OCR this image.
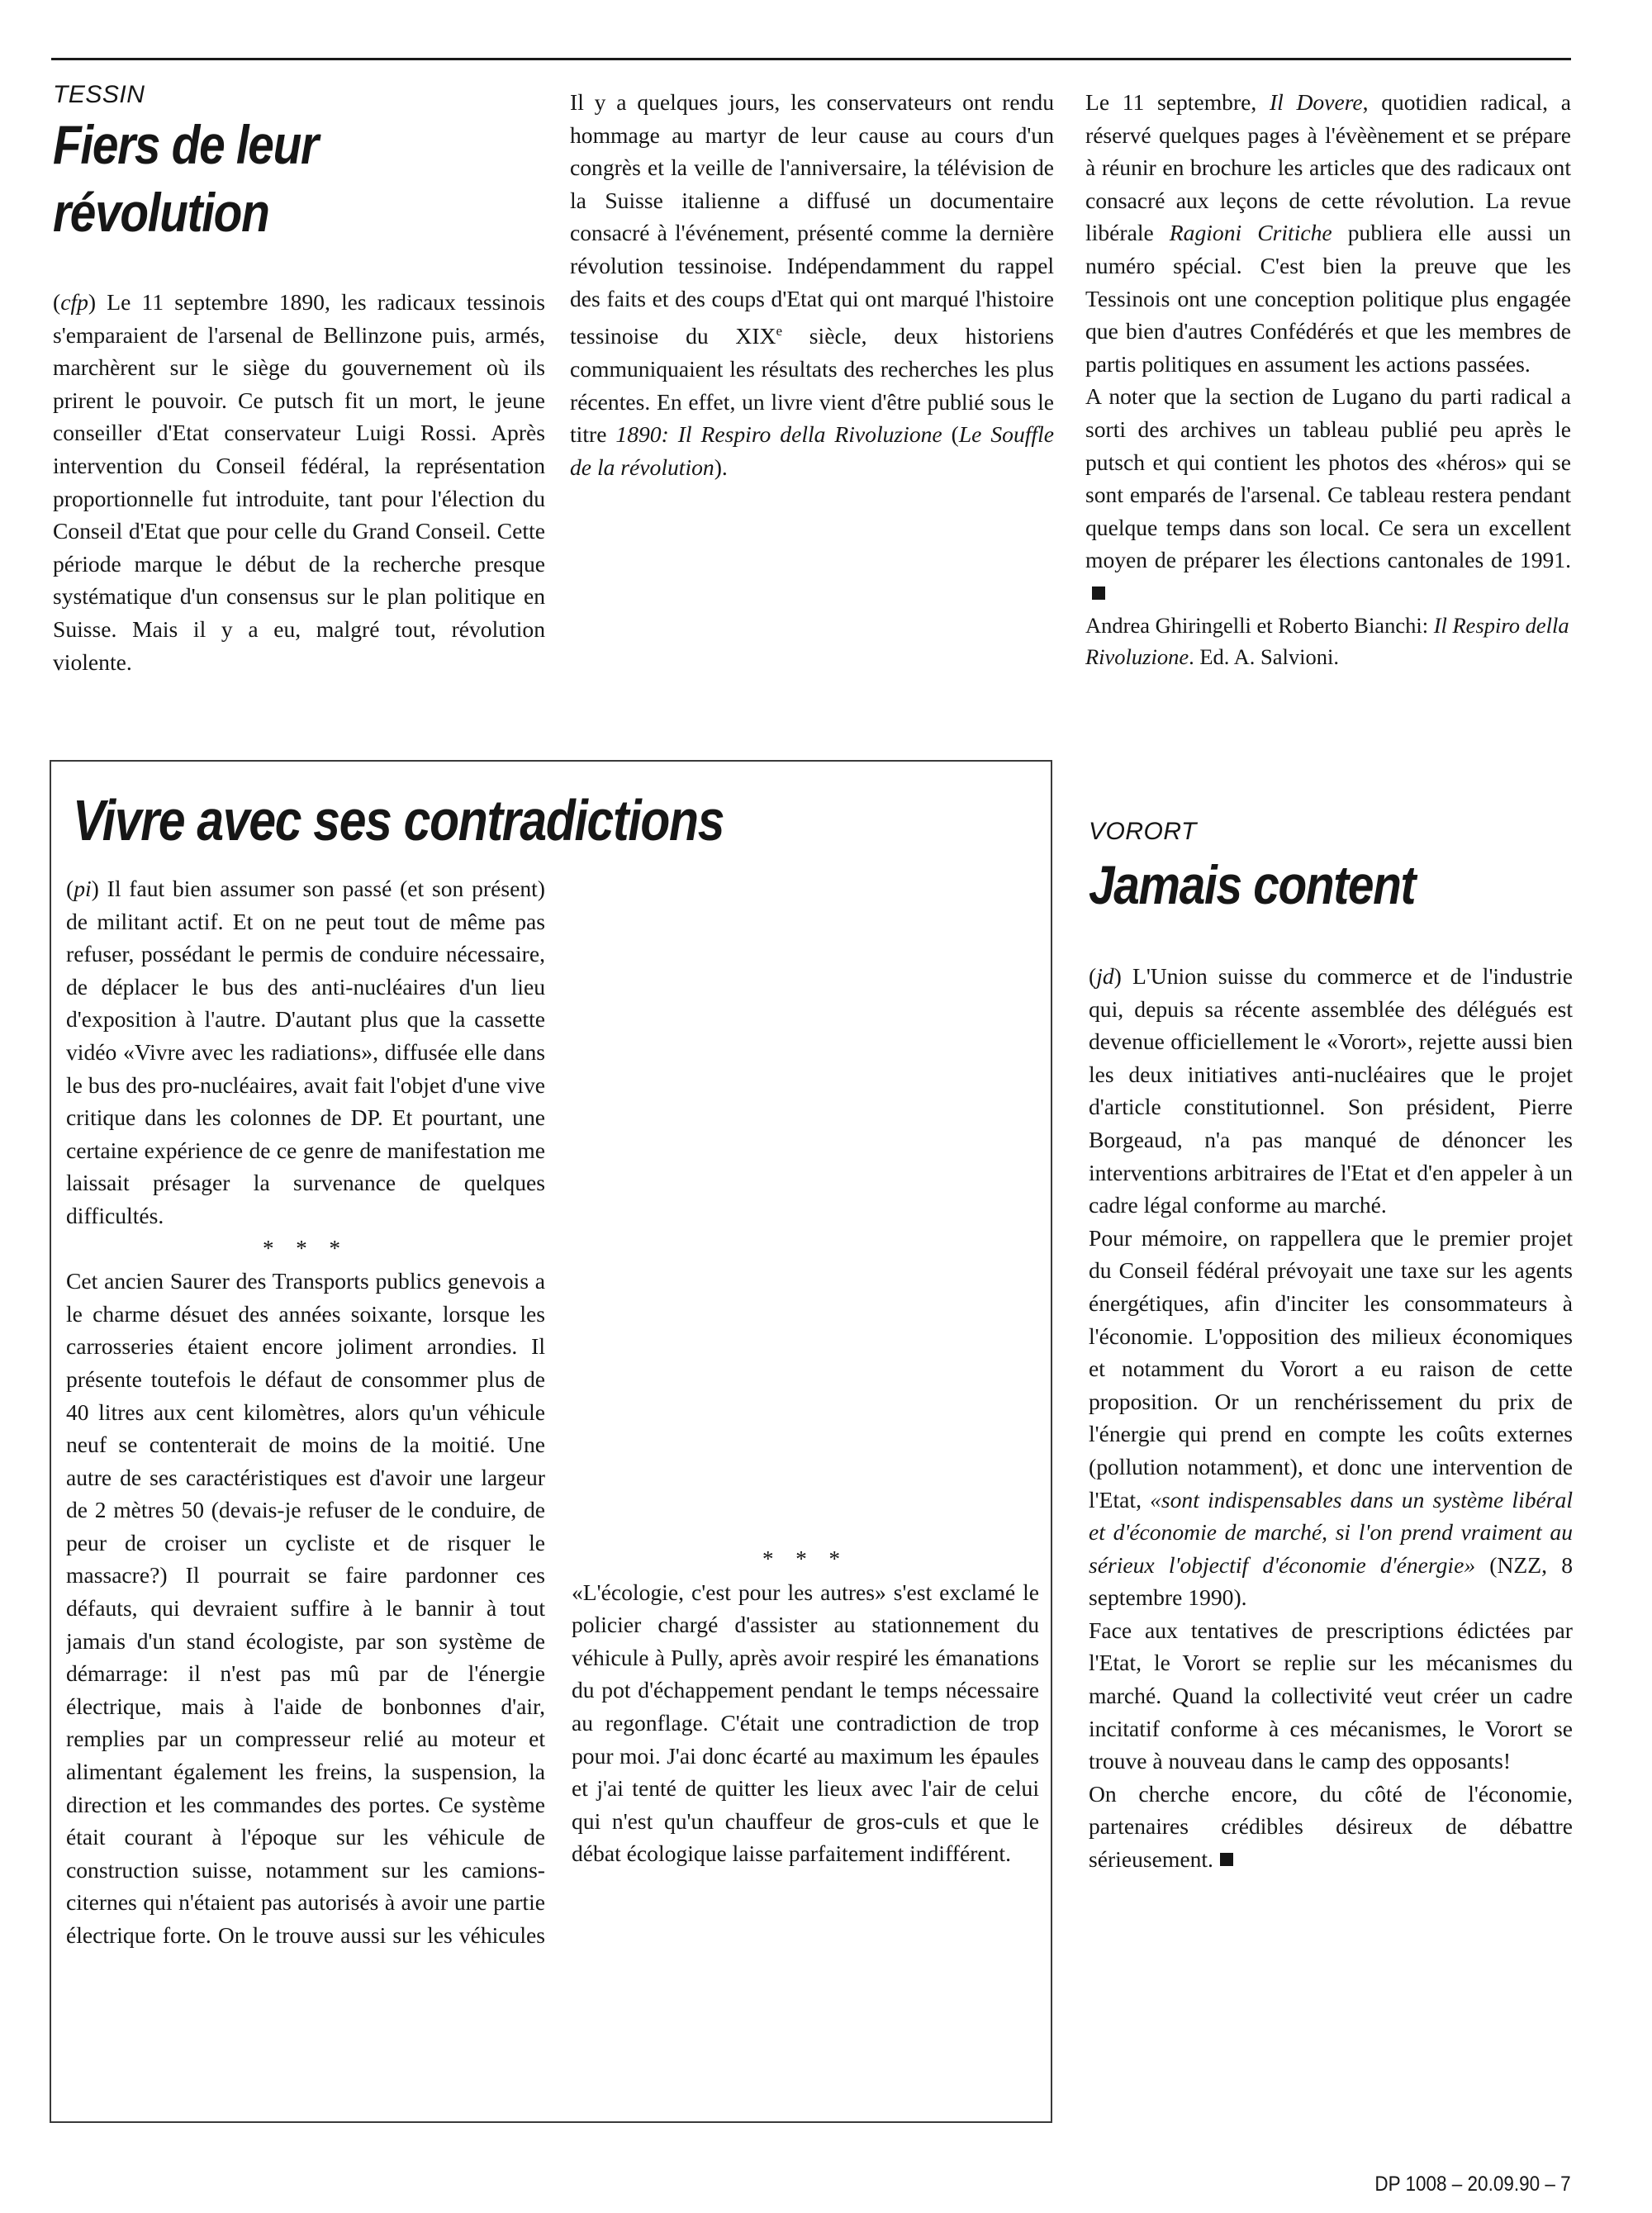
TESSIN

Fiers de leur
révolution

(cfp) Le 11 septembre 1890, les radicaux tessinois s'emparaient de l'arsenal de Bellinzone puis, armés, marchèrent sur le siège du gouvernement où ils prirent le pouvoir. Ce putsch fit un mort, le jeune conseiller d'Etat conservateur Luigi Rossi. Après intervention du Conseil fédéral, la représentation proportionnelle fut introduite, tant pour l'élection du Conseil d'Etat que pour celle du Grand Conseil. Cette période marque le début de la recherche presque systématique d'un consensus sur le plan politique en Suisse. Mais il y a eu, malgré tout, révolution violente.

Vivre avec ses contradictions

(pi) Il faut bien assumer son passé (et son présent) de militant actif. Et on ne peut tout de même pas refuser, possédant le permis de conduire nécessaire, de déplacer le bus des anti-nucléaires d'un lieu d'exposition à l'autre. D'autant plus que la cassette vidéo «Vivre avec les radiations», diffusée elle dans le bus des pro-nucléaires, avait fait l'objet d'une vive critique dans les colonnes de DP. Et pourtant, une certaine expérience de ce genre de manifestation me laissait présager la survenance de quelques difficultés.

* * *

Cet ancien Saurer des Transports publics genevois a le charme désuet des années soixante, lorsque les carrosseries étaient encore joliment arrondies. Il présente toutefois le défaut de consommer plus de 40 litres aux cent kilomètres, alors qu'un véhicule neuf se contenterait de moins de la moitié. Une autre de ses caractéristiques est d'avoir une largeur de 2 mètres 50 (devais-je refuser de le conduire, de peur de croiser un cycliste et de risquer le massacre?) Il pourrait se faire pardonner ces défauts, qui devraient suffire à le bannir à tout jamais d'un stand écologiste, par son système de démarrage: il n'est pas mû par de l'énergie électrique, mais à l'aide de bonbonnes d'air, remplies par un compresseur relié au moteur et alimentant également les freins, la suspension, la direction et les commandes des portes. Ce système était courant à l'époque sur les véhicule de construction suisse, notamment sur les camions-citernes qui n'étaient pas autorisés à avoir une partie électrique forte. On le trouve aussi sur les véhicules

* * *

«L'écologie, c'est pour les autres» s'est exclamé le policier chargé d'assister au stationnement du véhicule à Pully, après avoir respiré les émanations du pot d'échappement pendant le temps nécessaire au regonflage. C'était une contradiction de trop pour moi. J'ai donc écarté au maximum les épaules et j'ai tenté de quitter les lieux avec l'air de celui qui n'est qu'un chauffeur de gros-culs et que le débat écologique laisse parfaitement indifférent.

VORORT

Jamais content

(jd) L'Union suisse du commerce et de l'industrie qui, depuis sa récente assemblée des délégués est devenue officiellement le «Vorort», rejette aussi bien les deux initiatives anti-nucléaires que le projet d'article constitutionnel. Son président, Pierre Borgeaud, n'a pas manqué de dénoncer les interventions arbitraires de l'Etat et d'en appeler à un cadre légal conforme au marché.

Pour mémoire, on rappellera que le premier projet du Conseil fédéral prévoyait une taxe sur les agents énergétiques, afin d'inciter les consommateurs à l'économie. L'opposition des milieux économiques et notamment du Vorort a eu raison de cette proposition. Or un renchérissement du prix de l'énergie qui prend en compte les coûts externes (pollution notamment), et donc une intervention de l'Etat, «sont indispensables dans un système libéral et d'économie de marché, si l'on prend vraiment au sérieux l'objectif d'économie d'énergie» (NZZ, 8 septembre 1990).

Face aux tentatives de prescriptions édictées par l'Etat, le Vorort se replie sur les mécanismes du marché. Quand la collectivité veut créer un cadre incitatif conforme à ces mécanismes, le Vorort se trouve à nouveau dans le camp des opposants!

On cherche encore, du côté de l'économie, partenaires crédibles désireux de débattre sérieusement.

DP 1008 – 20.09.90 – 7

Il y a quelques jours, les conservateurs ont rendu hommage au martyr de leur cause au cours d'un congrès et la veille de l'anniversaire, la télévision de la Suisse italienne a diffusé un documentaire consacré à l'événement, présenté comme la dernière révolution tessinoise. Indépendamment du rappel des faits et des coups d'Etat qui ont marqué l'histoire tessinoise du XIXe siècle, deux historiens communiquaient les résultats des recherches les plus récentes. En effet, un livre vient d'être publié sous le titre 1890: Il Respiro della Rivoluzione (Le Souffle de la révolution).

Le 11 septembre, Il Dovere, quotidien radical, a réservé quelques pages à l'évèènement et se prépare à réunir en brochure les articles que des radicaux ont consacré aux leçons de cette révolution. La revue libérale Ragioni Critiche publiera elle aussi un numéro spécial. C'est bien la preuve que les Tessinois ont une conception politique plus engagée que bien d'autres Confédérés et que les membres de partis politiques en assument les actions passées.

A noter que la section de Lugano du parti radical a sorti des archives un tableau publié peu après le putsch et qui contient les photos des «héros» qui se sont emparés de l'arsenal. Ce tableau restera pendant quelque temps dans son local. Ce sera un excellent moyen de préparer les élections cantonales de 1991.

Andrea Ghiringelli et Roberto Bianchi: Il Respiro della Rivoluzione. Ed. A. Salvioni.
